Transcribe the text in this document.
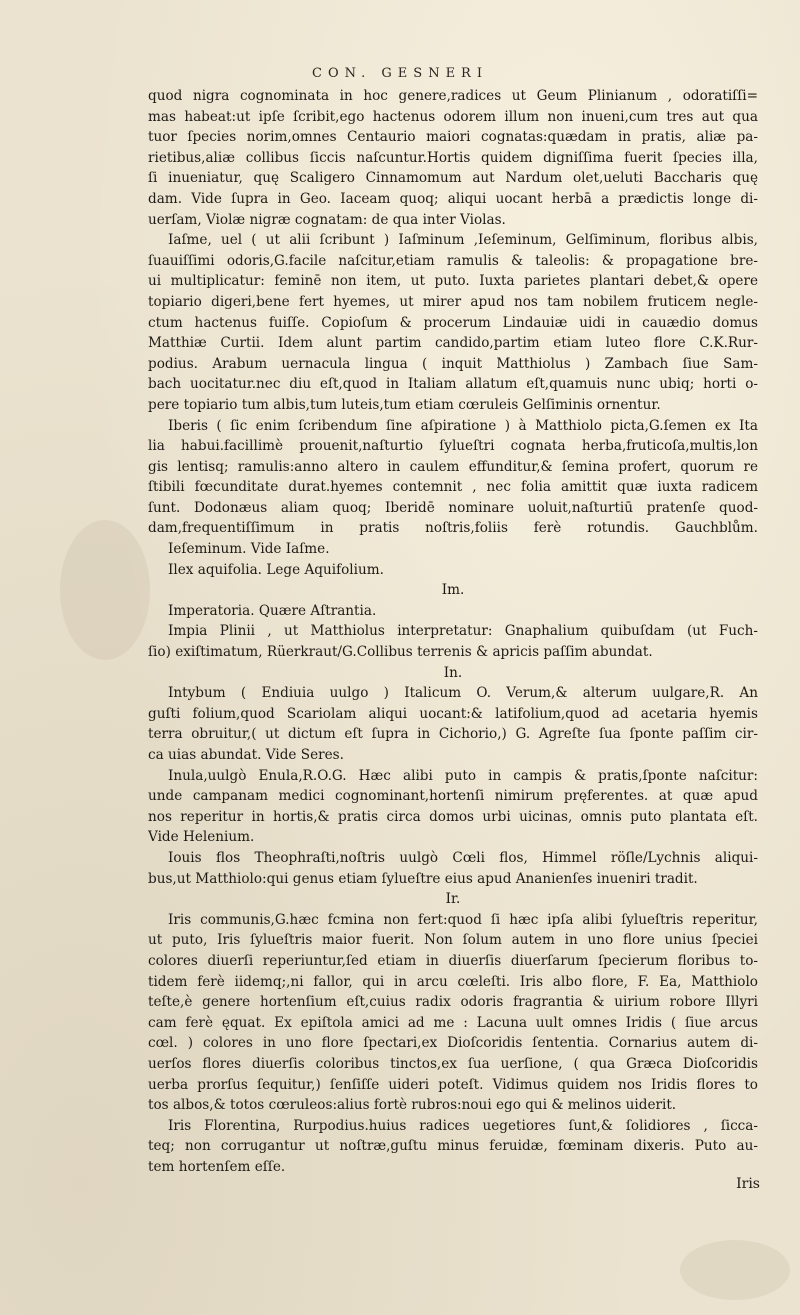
CON. GESNERI
quod nigra cognominata in hoc genere,radices ut Geum Plinianum , odoratiſſi=
mas habeat:ut ipſe ſcribit,ego hactenus odorem illum non inueni,cum tres aut qua
tuor ſpecies norim,omnes Centaurio maiori cognatas:quædam in pratis, aliæ pa-
rietibus,aliæ collibus ſiccis naſcuntur.Hortis quidem digniſſima fuerit ſpecies illa,
ſi inueniatur, quę Scaligero Cinnamomum aut Nardum olet,ueluti Baccharis quę
dam. Vide ſupra in Geo. Iaceam quoq; aliqui uocant herbā a prædictis longe di-
uerſam, Violæ nigræ cognatam: de qua inter Violas.
Iaſme, uel ( ut alii ſcribunt ) Iaſminum ,Ieſeminum, Gelſiminum, floribus albis,
ſuauiſſimi odoris,G.facile naſcitur,etiam ramulis & taleolis: & propagatione bre-
ui multiplicatur: feminē non item, ut puto. Iuxta parietes plantari debet,& opere
topiario digeri,bene fert hyemes, ut mirer apud nos tam nobilem fruticem negle-
ctum hactenus fuiſſe. Copioſum & procerum Lindauiæ uidi in cauædio domus
Matthiæ Curtii. Idem alunt partim candido,partim etiam luteo flore C.K.Rur-
podius. Arabum uernacula lingua ( inquit Matthiolus ) Zambach ſiue Sam-
bach uocitatur.nec diu eſt,quod in Italiam allatum eſt,quamuis nunc ubiq; horti o-
pere topiario tum albis,tum luteis,tum etiam cœruleis Gelſiminis ornentur.
Iberis ( ſic enim ſcribendum ſine aſpiratione ) à Matthiolo picta,G.ſemen ex Ita
lia habui.facillimè prouenit,naſturtio ſylueſtri cognata herba,fruticoſa,multis,lon
gis lentisq; ramulis:anno altero in caulem effunditur,& ſemina profert, quorum re
ſtibili fœcunditate durat.hyemes contemnit , nec folia amittit quæ iuxta radicem
ſunt. Dodonæus aliam quoq; Iberidē nominare uoluit,naſturtiū pratenſe quod-
dam,frequentiſſimum in pratis noſtris,foliis ferè rotundis. Gauchblům.
Ieſeminum. Vide Iaſme.
Ilex aquifolia. Lege Aquifolium.
Im.
Imperatoria. Quære Aſtrantia.
Impia Plinii , ut Matthiolus interpretatur: Gnaphalium quibuſdam (ut Fuch-
ſio) exiſtimatum, Rüerkraut/G.Collibus terrenis & apricis paſſim abundat.
In.
Intybum ( Endiuia uulgo ) Italicum O. Verum,& alterum uulgare,R. An
guſti folium,quod Scariolam aliqui uocant:& latifolium,quod ad acetaria hyemis
terra obruitur,( ut dictum eſt ſupra in Cichorio,) G. Agreſte ſua ſponte paſſim cir-
ca uias abundat. Vide Seres.
Inula,uulgò Enula,R.O.G. Hæc alibi puto in campis & pratis,ſponte naſcitur:
unde campanam medici cognominant,hortenſi nimirum pręferentes. at quæ apud
nos reperitur in hortis,& pratis circa domos urbi uicinas, omnis puto plantata eſt.
Vide Helenium.
Iouis flos Theophraſti,noſtris uulgò Cœli flos, Himmel röſle/Lychnis aliqui-
bus,ut Matthiolo:qui genus etiam ſylueſtre eius apud Ananienſes inueniri tradit.
Ir.
Iris communis,G.hæc fcmina non fert:quod ſi hæc ipſa alibi ſylueſtris reperitur,
ut puto, Iris ſylueſtris maior fuerit. Non ſolum autem in uno flore unius ſpeciei
colores diuerſi reperiuntur,ſed etiam in diuerſis diuerſarum ſpecierum floribus to-
tidem ferè iidemq;,ni fallor, qui in arcu cœleſti. Iris albo flore, F. Ea, Matthiolo
teſte,è genere hortenſium eſt,cuius radix odoris fragrantia & uirium robore Illyri
cam ferè ęquat. Ex epiſtola amici ad me : Lacuna uult omnes Iridis ( ſiue arcus
cœl. ) colores in uno flore ſpectari,ex Dioſcoridis ſententia. Cornarius autem di-
uerſos flores diuerſis coloribus tinctos,ex ſua uerſione, ( qua Græca Dioſcoridis
uerba prorſus ſequitur,) ſenſiſſe uideri poteſt. Vidimus quidem nos Iridis flores to
tos albos,& totos cœruleos:alius fortè rubros:noui ego qui & melinos uiderit.
Iris Florentina, Rurpodius.huius radices uegetiores ſunt,& ſolidiores , ſicca-
teq; non corrugantur ut noſtræ,guſtu minus feruidæ, fœminam dixeris. Puto au-
tem hortenſem eſſe.
Iris
